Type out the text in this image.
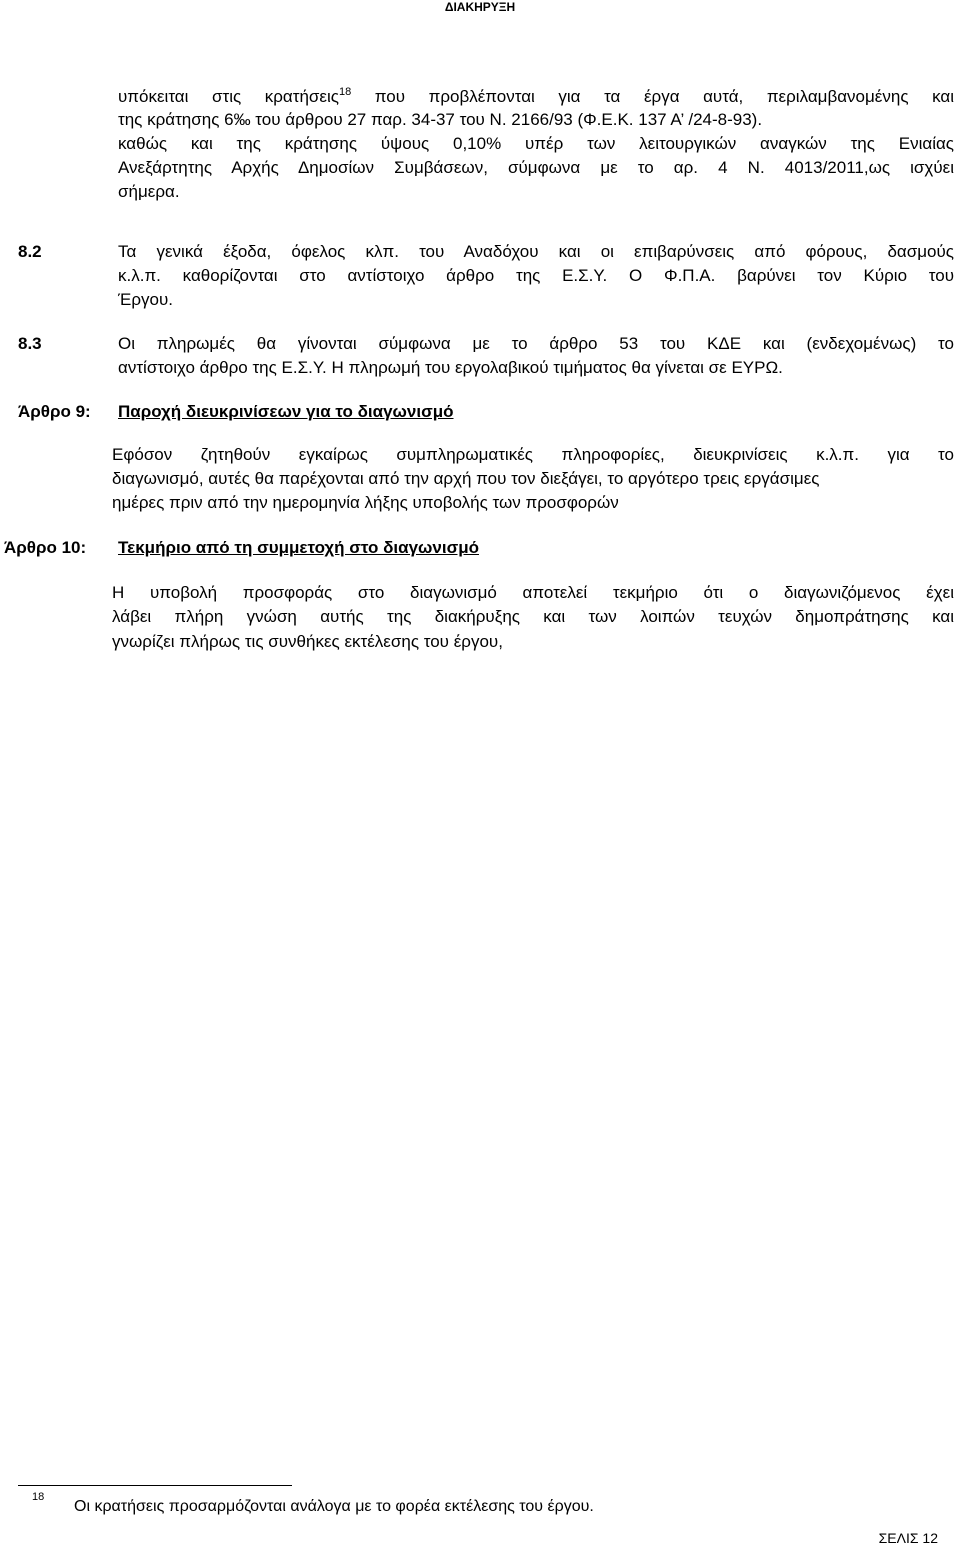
ΔΙΑΚΗΡΥΞΗ
υπόκειται στις κρατήσεις$^{18}$ που προβλέπονται για τα έργα αυτά, περιλαμβανομένης και
της κράτησης 6‰ του άρθρου 27 παρ. 34-37 του Ν. 2166/93 (Φ.Ε.Κ. 137 Α’ /24-8-93).
καθώς και της κράτησης ύψους 0,10% υπέρ των λειτουργικών αναγκών της Ενιαίας
Ανεξάρτητης Αρχής Δημοσίων Συμβάσεων, σύμφωνα με το αρ. 4 Ν. 4013/2011,ως ισχύει
σήμερα.
8.2	Τα γενικά έξοδα, όφελος κλπ. του Αναδόχου και οι επιβαρύνσεις από φόρους, δασμούς
κ.λ.π. καθορίζονται στο αντίστοιχο άρθρο της Ε.Σ.Υ. Ο Φ.Π.Α. βαρύνει τον Κύριο του
Έργου.
8.3	Οι πληρωμές θα γίνονται σύμφωνα με το άρθρο 53 του ΚΔΕ και (ενδεχομένως) το
αντίστοιχο άρθρο της Ε.Σ.Υ. Η πληρωμή του εργολαβικού τιμήματος θα γίνεται σε ΕΥΡΩ.
Άρθρο 9: Παροχή διευκρινίσεων για το διαγωνισμό
Εφόσον ζητηθούν εγκαίρως συμπληρωματικές πληροφορίες, διευκρινίσεις κ.λ.π. για το
διαγωνισμό, αυτές θα παρέχονται από την αρχή που τον διεξάγει, το αργότερο τρεις εργάσιμες
ημέρες πριν από την ημερομηνία λήξης υποβολής των προσφορών
Άρθρο 10: Τεκμήριο από τη συμμετοχή στο διαγωνισμό
Η υποβολή προσφοράς στο διαγωνισμό αποτελεί τεκμήριο ότι ο διαγωνιζόμενος έχει
λάβει πλήρη γνώση αυτής της διακήρυξης και των λοιπών τευχών δημοπράτησης και
γνωρίζει πλήρως τις συνθήκες εκτέλεσης του έργου,
18
Οι κρατήσεις προσαρμόζονται ανάλογα με το φορέα εκτέλεσης του έργου.
ΣΕΛΙΣ 12
